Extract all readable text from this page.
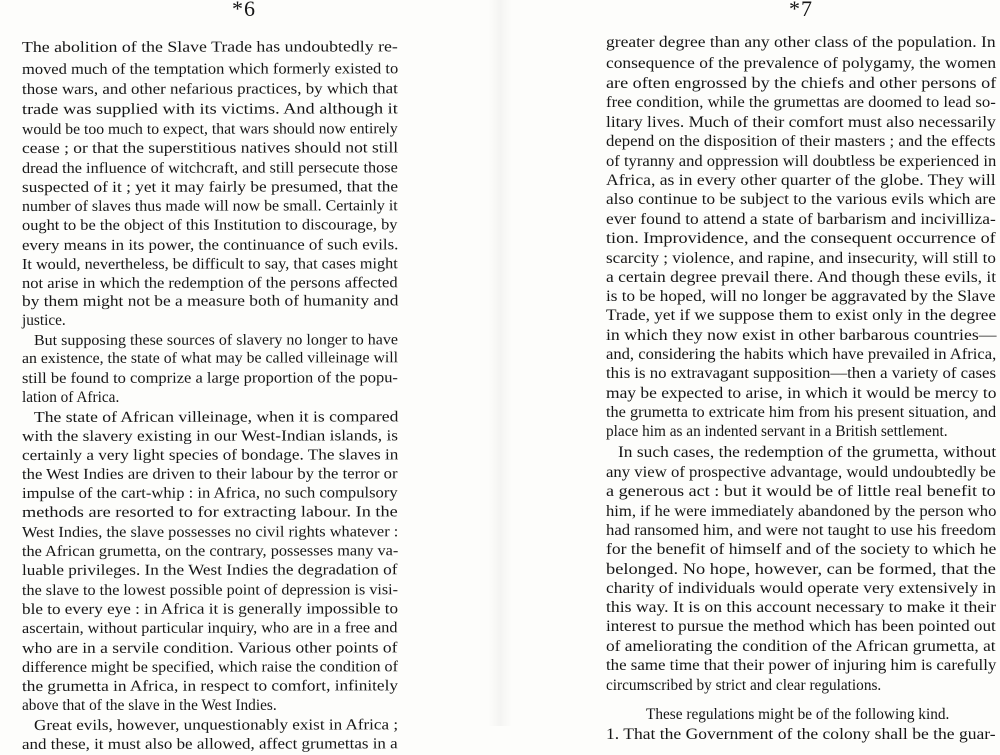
*6

The abolition of the Slave Trade has undoubtedly re-
moved much of the temptation which formerly existed to
those wars, and other nefarious practices, by which that
trade was supplied with its victims. And although it
would be too much to expect, that wars should now entirely
cease ; or that the superstitious natives should not still
dread the influence of witchcraft, and still persecute those
suspected of it ; yet it may fairly be presumed, that the
number of slaves thus made will now be small. Certainly it
ought to be the object of this Institution to discourage, by
every means in its power, the continuance of such evils.
It would, nevertheless, be difficult to say, that cases might
not arise in which the redemption of the persons affected
by them might not be a measure both of humanity and
justice.
But supposing these sources of slavery no longer to have
an existence, the state of what may be called villeinage will
still be found to comprize a large proportion of the popu-
lation of Africa.
The state of African villeinage, when it is compared
with the slavery existing in our West-Indian islands, is
certainly a very light species of bondage. The slaves in
the West Indies are driven to their labour by the terror or
impulse of the cart-whip : in Africa, no such compulsory
methods are resorted to for extracting labour. In the
West Indies, the slave possesses no civil rights whatever :
the African grumetta, on the contrary, possesses many va-
luable privileges. In the West Indies the degradation of
the slave to the lowest possible point of depression is visi-
ble to every eye : in Africa it is generally impossible to
ascertain, without particular inquiry, who are in a free and
who are in a servile condition. Various other points of
difference might be specified, which raise the condition of
the grumetta in Africa, in respect to comfort, infinitely
above that of the slave in the West Indies.
Great evils, however, unquestionably exist in Africa ;
and these, it must also be allowed, affect grumettas in a

*7

greater degree than any other class of the population. In
consequence of the prevalence of polygamy, the women
are often engrossed by the chiefs and other persons of
free condition, while the grumettas are doomed to lead so-
litary lives. Much of their comfort must also necessarily
depend on the disposition of their masters ; and the effects
of tyranny and oppression will doubtless be experienced in
Africa, as in every other quarter of the globe. They will
also continue to be subject to the various evils which are
ever found to attend a state of barbarism and incivilliza-
tion. Improvidence, and the consequent occurrence of
scarcity ; violence, and rapine, and insecurity, will still to
a certain degree prevail there. And though these evils, it
is to be hoped, will no longer be aggravated by the Slave
Trade, yet if we suppose them to exist only in the degree
in which they now exist in other barbarous countries—
and, considering the habits which have prevailed in Africa,
this is no extravagant supposition—then a variety of cases
may be expected to arise, in which it would be mercy to
the grumetta to extricate him from his present situation, and
place him as an indented servant in a British settlement.
In such cases, the redemption of the grumetta, without
any view of prospective advantage, would undoubtedly be
a generous act : but it would be of little real benefit to
him, if he were immediately abandoned by the person who
had ransomed him, and were not taught to use his freedom
for the benefit of himself and of the society to which he
belonged. No hope, however, can be formed, that the
charity of individuals would operate very extensively in
this way. It is on this account necessary to make it their
interest to pursue the method which has been pointed out
of ameliorating the condition of the African grumetta, at
the same time that their power of injuring him is carefully
circumscribed by strict and clear regulations.
These regulations might be of the following kind.
1. That the Government of the colony shall be the guar-
